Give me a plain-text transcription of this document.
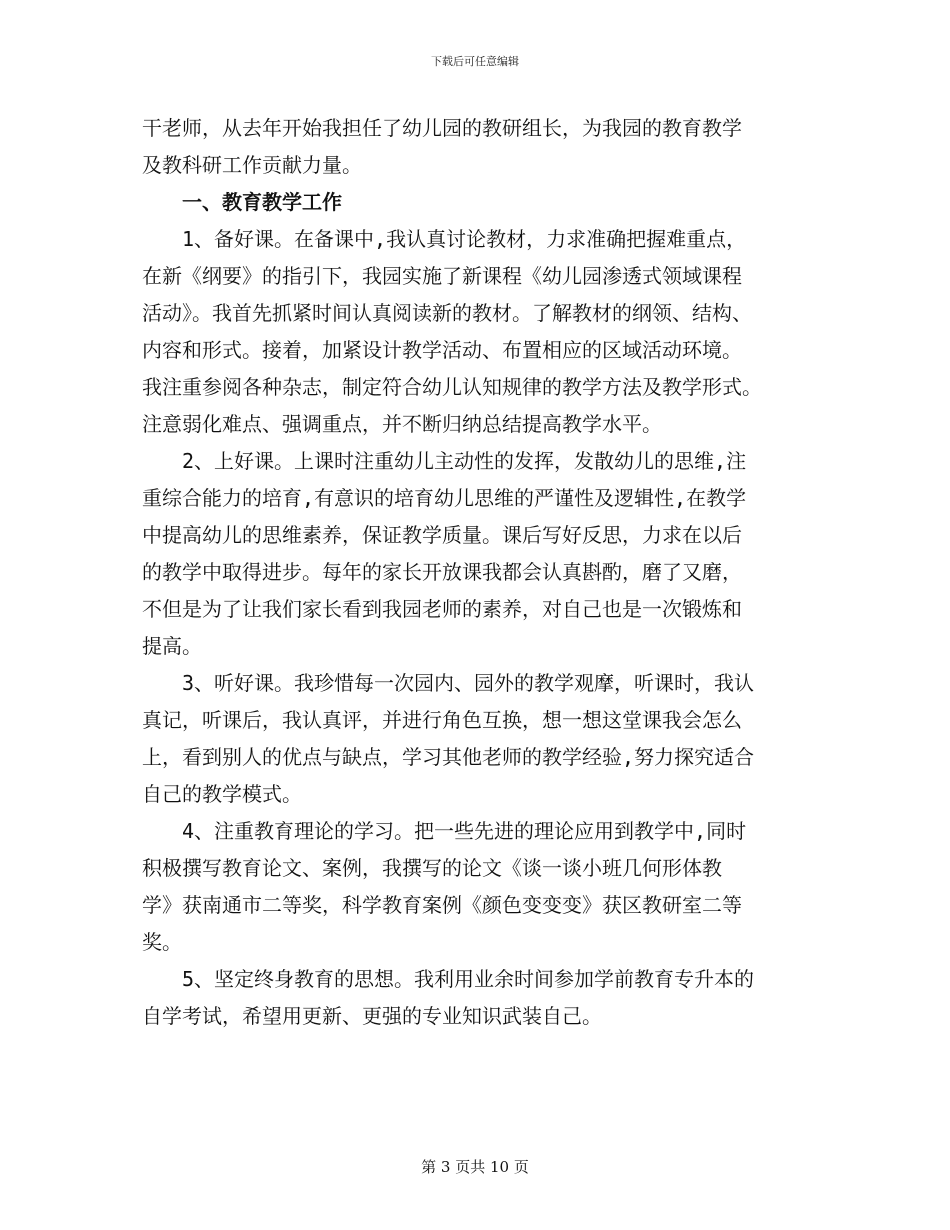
下载后可任意编辑
干老师，从去年开始我担任了幼儿园的教研组长，为我园的教育教学
及教科研工作贡献力量。
一、教育教学工作
1、备好课。在备课中,我认真讨论教材，力求准确把握难重点，
在新《纲要》的指引下，我园实施了新课程《幼儿园渗透式领域课程
活动》。我首先抓紧时间认真阅读新的教材。了解教材的纲领、结构、
内容和形式。接着，加紧设计教学活动、布置相应的区域活动环境。
我注重参阅各种杂志，制定符合幼儿认知规律的教学方法及教学形式。
注意弱化难点、强调重点，并不断归纳总结提高教学水平。
2、上好课。上课时注重幼儿主动性的发挥，发散幼儿的思维,注
重综合能力的培育,有意识的培育幼儿思维的严谨性及逻辑性,在教学
中提高幼儿的思维素养，保证教学质量。课后写好反思，力求在以后
的教学中取得进步。每年的家长开放课我都会认真斟酌，磨了又磨，
不但是为了让我们家长看到我园老师的素养，对自己也是一次锻炼和
提高。
3、听好课。我珍惜每一次园内、园外的教学观摩，听课时，我认
真记，听课后，我认真评，并进行角色互换，想一想这堂课我会怎么
上，看到别人的优点与缺点，学习其他老师的教学经验,努力探究适合
自己的教学模式。
4、注重教育理论的学习。把一些先进的理论应用到教学中,同时
积极撰写教育论文、案例，我撰写的论文《谈一谈小班几何形体教
学》获南通市二等奖，科学教育案例《颜色变变变》获区教研室二等
奖。
5、坚定终身教育的思想。我利用业余时间参加学前教育专升本的
自学考试，希望用更新、更强的专业知识武装自己。
第 3 页共 10 页
